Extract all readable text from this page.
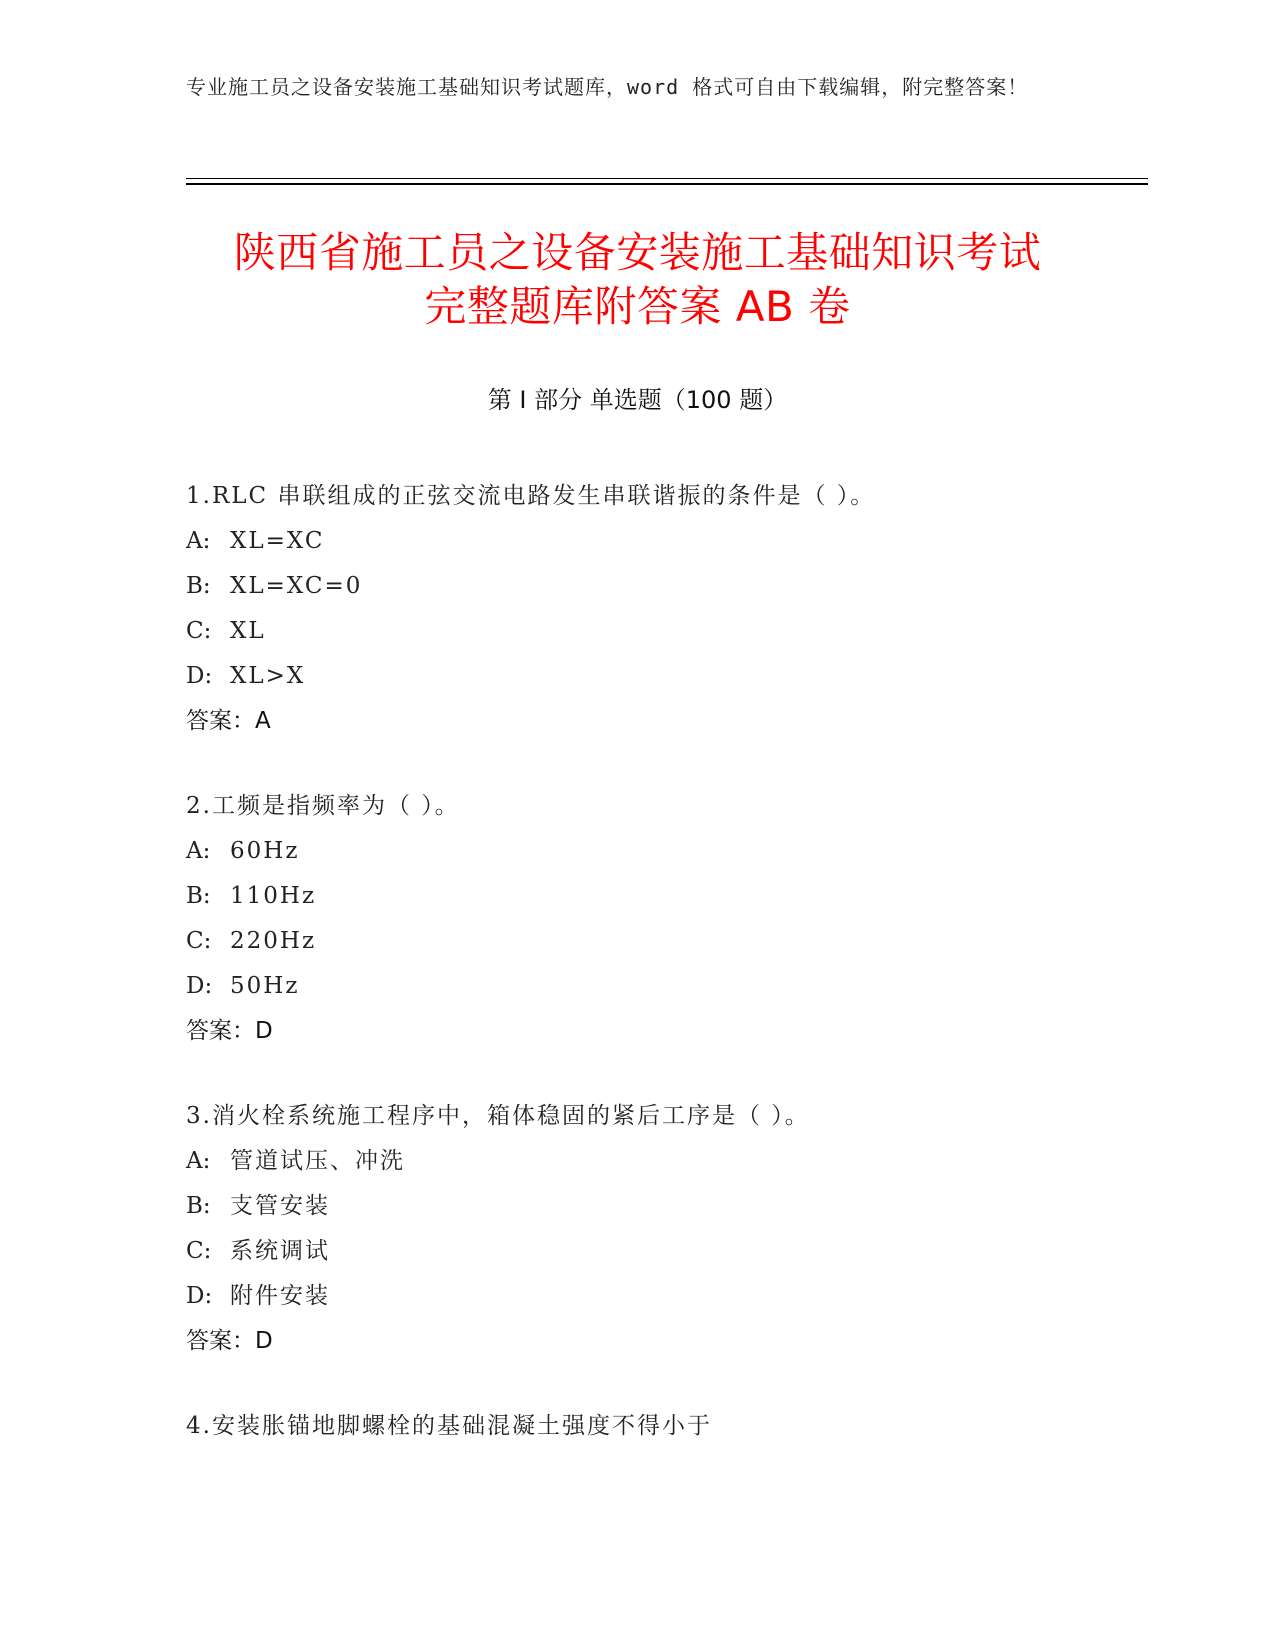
专业施工员之设备安装施工基础知识考试题库，word 格式可自由下载编辑，附完整答案！
陕西省施工员之设备安装施工基础知识考试
完整题库附答案 AB 卷
第 I 部分 单选题（100 题）
1.RLC 串联组成的正弦交流电路发生串联谐振的条件是（ ）。
A: XL=XC
B: XL=XC=0
C: XL
D: XL>X
答案：A
2.工频是指频率为（ ）。
A: 60Hz
B: 110Hz
C: 220Hz
D: 50Hz
答案：D
3.消火栓系统施工程序中，箱体稳固的紧后工序是（ ）。
A: 管道试压、冲洗
B: 支管安装
C: 系统调试
D: 附件安装
答案：D
4.安装胀锚地脚螺栓的基础混凝土强度不得小于
